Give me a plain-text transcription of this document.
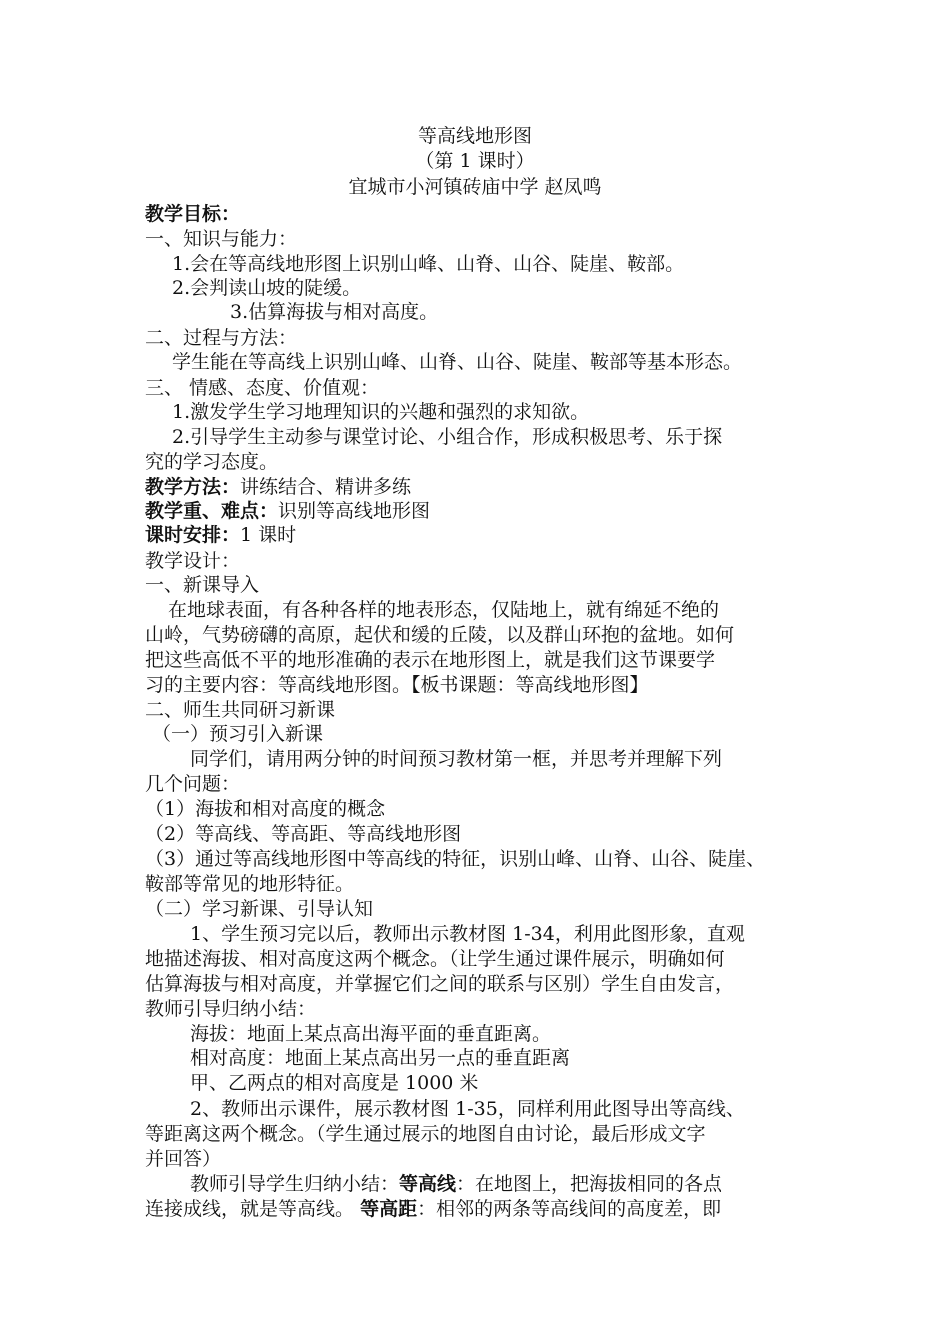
等高线地形图
（第 1 课时）
宜城市小河镇砖庙中学 赵凤鸣
教学目标：
一、知识与能力：
1.会在等高线地形图上识别山峰、山脊、山谷、陡崖、鞍部。
2.会判读山坡的陡缓。
3.估算海拔与相对高度。
二、过程与方法：
学生能在等高线上识别山峰、山脊、山谷、陡崖、鞍部等基本形态。
三、 情感、态度、价值观：
1.激发学生学习地理知识的兴趣和强烈的求知欲。
2.引导学生主动参与课堂讨论、小组合作，形成积极思考、乐于探
究的学习态度。
教学方法：讲练结合、精讲多练
教学重、难点：识别等高线地形图
课时安排：1 课时
教学设计：
一、新课导入
在地球表面，有各种各样的地表形态，仅陆地上，就有绵延不绝的
山岭，气势磅礴的高原，起伏和缓的丘陵，以及群山环抱的盆地。如何
把这些高低不平的地形准确的表示在地形图上，就是我们这节课要学
习的主要内容：等高线地形图。【板书课题：等高线地形图】
二、师生共同研习新课
（一）预习引入新课
同学们，请用两分钟的时间预习教材第一框，并思考并理解下列
几个问题：
（1）海拔和相对高度的概念
（2）等高线、等高距、等高线地形图
（3）通过等高线地形图中等高线的特征，识别山峰、山脊、山谷、陡崖、
鞍部等常见的地形特征。
（二）学习新课、引导认知
1、学生预习完以后，教师出示教材图 1-34，利用此图形象，直观
地描述海拔、相对高度这两个概念。（让学生通过课件展示，明确如何
估算海拔与相对高度，并掌握它们之间的联系与区别）学生自由发言，
教师引导归纳小结：
海拔：地面上某点高出海平面的垂直距离。
相对高度：地面上某点高出另一点的垂直距离
甲、乙两点的相对高度是 1000 米
2、教师出示课件，展示教材图 1-35，同样利用此图导出等高线、
等距离这两个概念。（学生通过展示的地图自由讨论，最后形成文字
并回答）
教师引导学生归纳小结：等高线：在地图上，把海拔相同的各点
连接成线，就是等高线。 等高距：相邻的两条等高线间的高度差，即
